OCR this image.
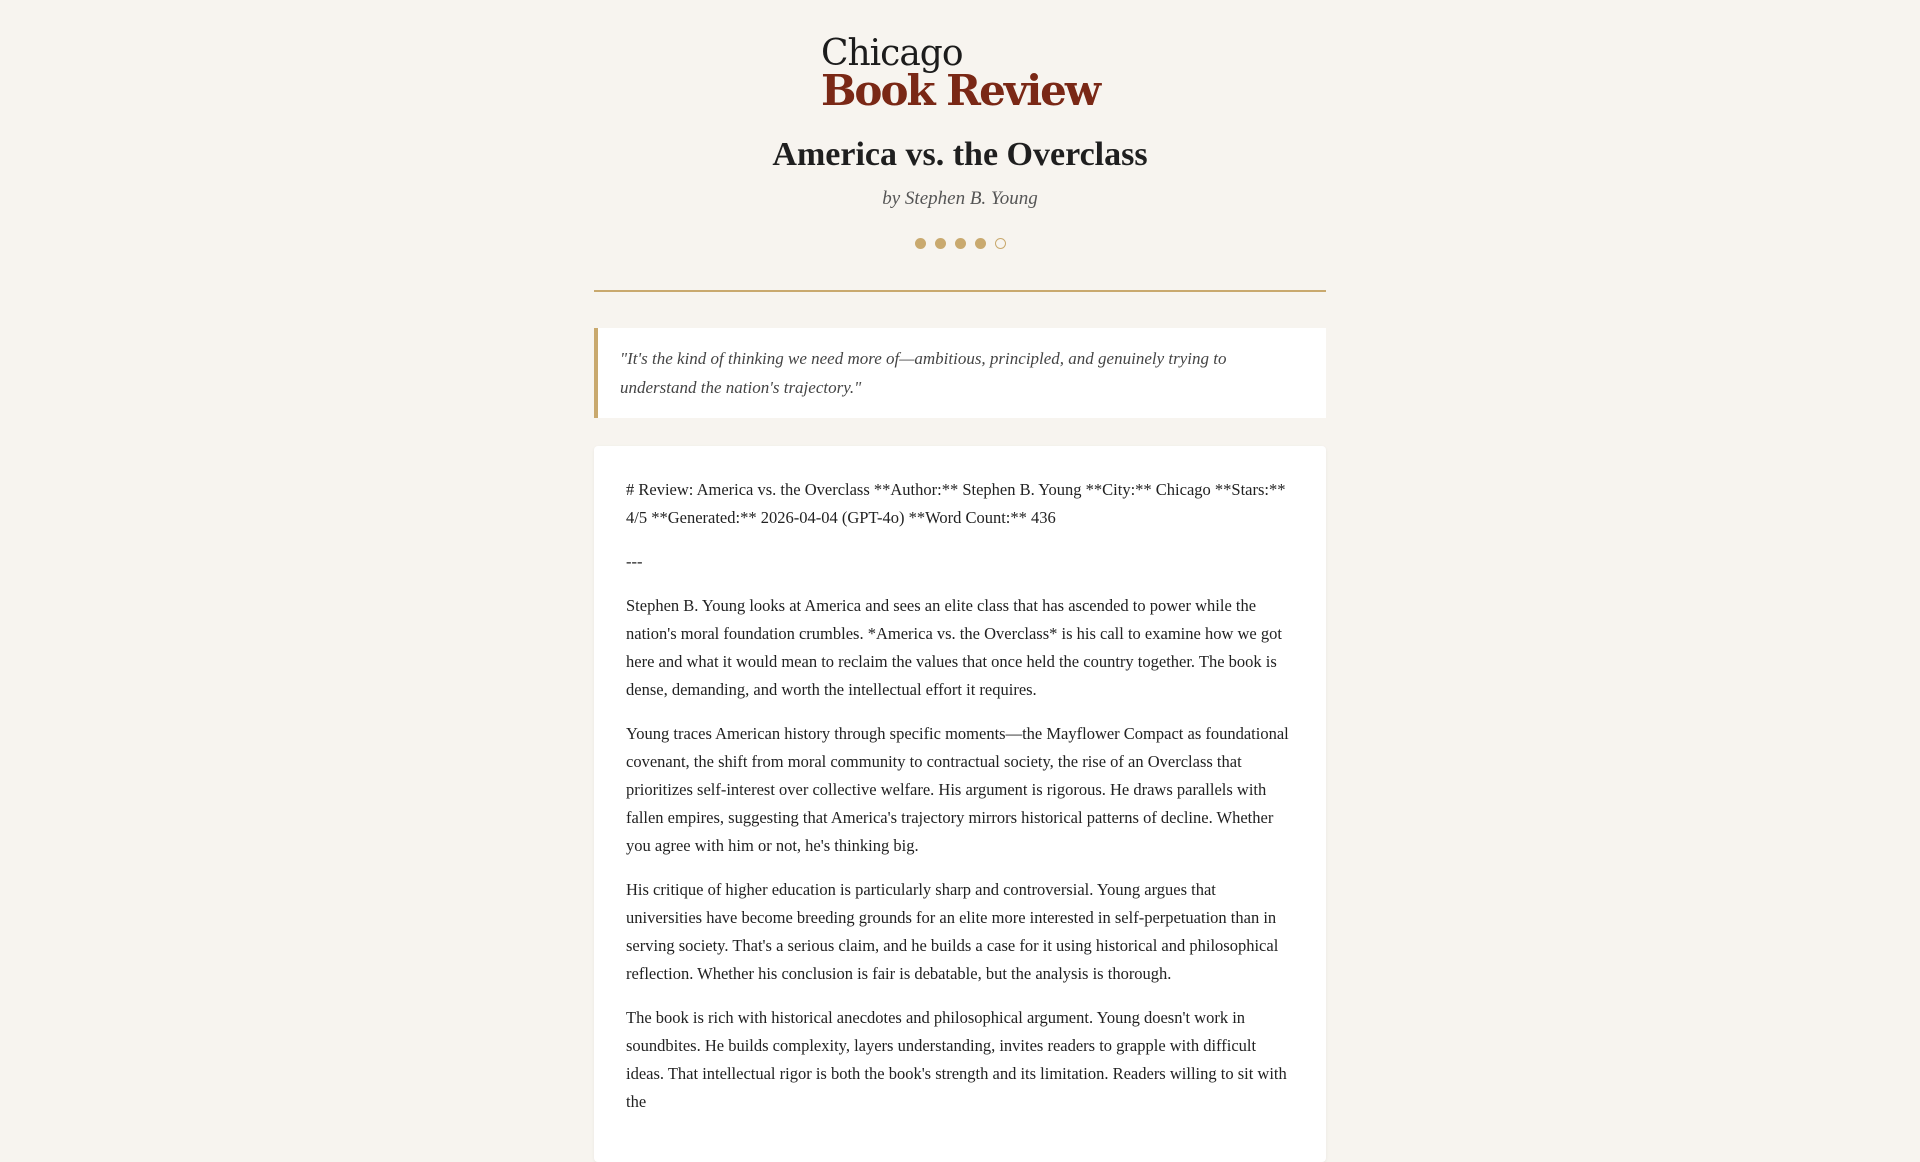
Chicago
Book Review
America vs. the Overclass
by Stephen B. Young
"It's the kind of thinking we need more of—ambitious, principled, and genuinely trying to understand the nation's trajectory."

# Review: America vs. the Overclass **Author:** Stephen B. Young **City:** Chicago **Stars:** 4/5 **Generated:** 2026-04-04 (GPT-4o) **Word Count:** 436

---

Stephen B. Young looks at America and sees an elite class that has ascended to power while the nation's moral foundation crumbles. *America vs. the Overclass* is his call to examine how we got here and what it would mean to reclaim the values that once held the country together. The book is dense, demanding, and worth the intellectual effort it requires.

Young traces American history through specific moments—the Mayflower Compact as foundational covenant, the shift from moral community to contractual society, the rise of an Overclass that prioritizes self-interest over collective welfare. His argument is rigorous. He draws parallels with fallen empires, suggesting that America's trajectory mirrors historical patterns of decline. Whether you agree with him or not, he's thinking big.

His critique of higher education is particularly sharp and controversial. Young argues that universities have become breeding grounds for an elite more interested in self-perpetuation than in serving society. That's a serious claim, and he builds a case for it using historical and philosophical reflection. Whether his conclusion is fair is debatable, but the analysis is thorough.

The book is rich with historical anecdotes and philosophical argument. Young doesn't work in soundbites. He builds complexity, layers understanding, invites readers to grapple with difficult ideas. That intellectual rigor is both the book's strength and its limitation. Readers willing to sit with the
